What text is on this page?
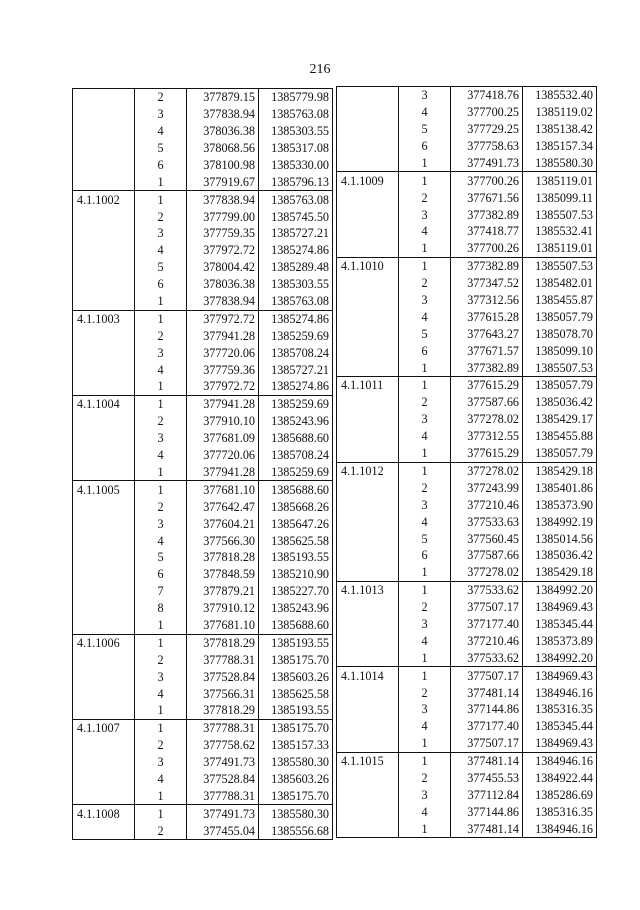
216
	2	377879.15	1385779.98
	3	377838.94	1385763.08
	4	378036.38	1385303.55
	5	378068.56	1385317.08
	6	378100.98	1385330.00
	1	377919.67	1385796.13
4.1.1002	1	377838.94	1385763.08
	2	377799.00	1385745.50
	3	377759.35	1385727.21
	4	377972.72	1385274.86
	5	378004.42	1385289.48
	6	378036.38	1385303.55
	1	377838.94	1385763.08
4.1.1003	1	377972.72	1385274.86
	2	377941.28	1385259.69
	3	377720.06	1385708.24
	4	377759.36	1385727.21
	1	377972.72	1385274.86
4.1.1004	1	377941.28	1385259.69
	2	377910.10	1385243.96
	3	377681.09	1385688.60
	4	377720.06	1385708.24
	1	377941.28	1385259.69
4.1.1005	1	377681.10	1385688.60
	2	377642.47	1385668.26
	3	377604.21	1385647.26
	4	377566.30	1385625.58
	5	377818.28	1385193.55
	6	377848.59	1385210.90
	7	377879.21	1385227.70
	8	377910.12	1385243.96
	1	377681.10	1385688.60
4.1.1006	1	377818.29	1385193.55
	2	377788.31	1385175.70
	3	377528.84	1385603.26
	4	377566.31	1385625.58
	1	377818.29	1385193.55
4.1.1007	1	377788.31	1385175.70
	2	377758.62	1385157.33
	3	377491.73	1385580.30
	4	377528.84	1385603.26
	1	377788.31	1385175.70
4.1.1008	1	377491.73	1385580.30
	2	377455.04	1385556.68
	3	377418.76	1385532.40
	4	377700.25	1385119.02
	5	377729.25	1385138.42
	6	377758.63	1385157.34
	1	377491.73	1385580.30
4.1.1009	1	377700.26	1385119.01
	2	377671.56	1385099.11
	3	377382.89	1385507.53
	4	377418.77	1385532.41
	1	377700.26	1385119.01
4.1.1010	1	377382.89	1385507.53
	2	377347.52	1385482.01
	3	377312.56	1385455.87
	4	377615.28	1385057.79
	5	377643.27	1385078.70
	6	377671.57	1385099.10
	1	377382.89	1385507.53
4.1.1011	1	377615.29	1385057.79
	2	377587.66	1385036.42
	3	377278.02	1385429.17
	4	377312.55	1385455.88
	1	377615.29	1385057.79
4.1.1012	1	377278.02	1385429.18
	2	377243.99	1385401.86
	3	377210.46	1385373.90
	4	377533.63	1384992.19
	5	377560.45	1385014.56
	6	377587.66	1385036.42
	1	377278.02	1385429.18
4.1.1013	1	377533.62	1384992.20
	2	377507.17	1384969.43
	3	377177.40	1385345.44
	4	377210.46	1385373.89
	1	377533.62	1384992.20
4.1.1014	1	377507.17	1384969.43
	2	377481.14	1384946.16
	3	377144.86	1385316.35
	4	377177.40	1385345.44
	1	377507.17	1384969.43
4.1.1015	1	377481.14	1384946.16
	2	377455.53	1384922.44
	3	377112.84	1385286.69
	4	377144.86	1385316.35
	1	377481.14	1384946.16
